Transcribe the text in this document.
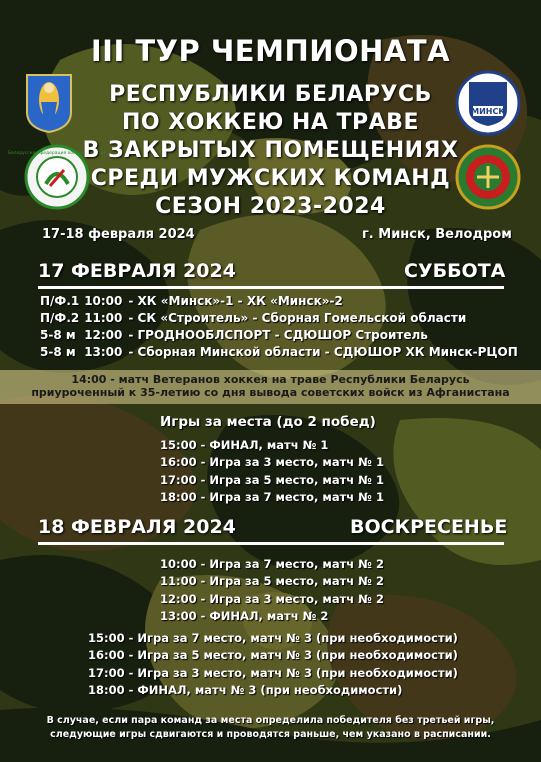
Белорусская федерация хоккея на траве
МИНСК
III ТУР ЧЕМПИОНАТА
РЕСПУБЛИКИ БЕЛАРУСЬ
ПО ХОККЕЮ НА ТРАВЕ
В ЗАКРЫТЫХ ПОМЕЩЕНИЯХ
СРЕДИ МУЖСКИХ КОМАНД
СЕЗОН 2023-2024
17-18 февраля 2024	г. Минск, Велодром
17 ФЕВРАЛЯ 2024	СУББОТА
П/Ф.1 10:00 - ХК «Минск»-1 - ХК «Минск»-2
П/Ф.2 11:00 - СК «Строитель» - Сборная Гомельской области
5-8 м 12:00 - ГРОДНООБЛСПОРТ - СДЮШОР Строитель
5-8 м 13:00 - Сборная Минской области - СДЮШОР ХК Минск-РЦОП
14:00 - матч Ветеранов хоккея на траве Республики Беларусь
приуроченный к 35-летию со дня вывода советских войск из Афганистана
Игры за места (до 2 побед)
15:00 - ФИНАЛ, матч № 1
16:00 - Игра за 3 место, матч № 1
17:00 - Игра за 5 место, матч № 1
18:00 - Игра за 7 место, матч № 1
18 ФЕВРАЛЯ 2024	ВОСКРЕСЕНЬЕ
10:00 - Игра за 7 место, матч № 2
11:00 - Игра за 5 место, матч № 2
12:00 - Игра за 3 место, матч № 2
13:00 - ФИНАЛ, матч № 2
15:00 - Игра за 7 место, матч № 3 (при необходимости)
16:00 - Игра за 5 место, матч № 3 (при необходимости)
17:00 - Игра за 3 место, матч № 3 (при необходимости)
18:00 - ФИНАЛ, матч № 3 (при необходимости)
В случае, если пара команд за места определила победителя без третьей игры,
следующие игры сдвигаются и проводятся раньше, чем указано в расписании.
